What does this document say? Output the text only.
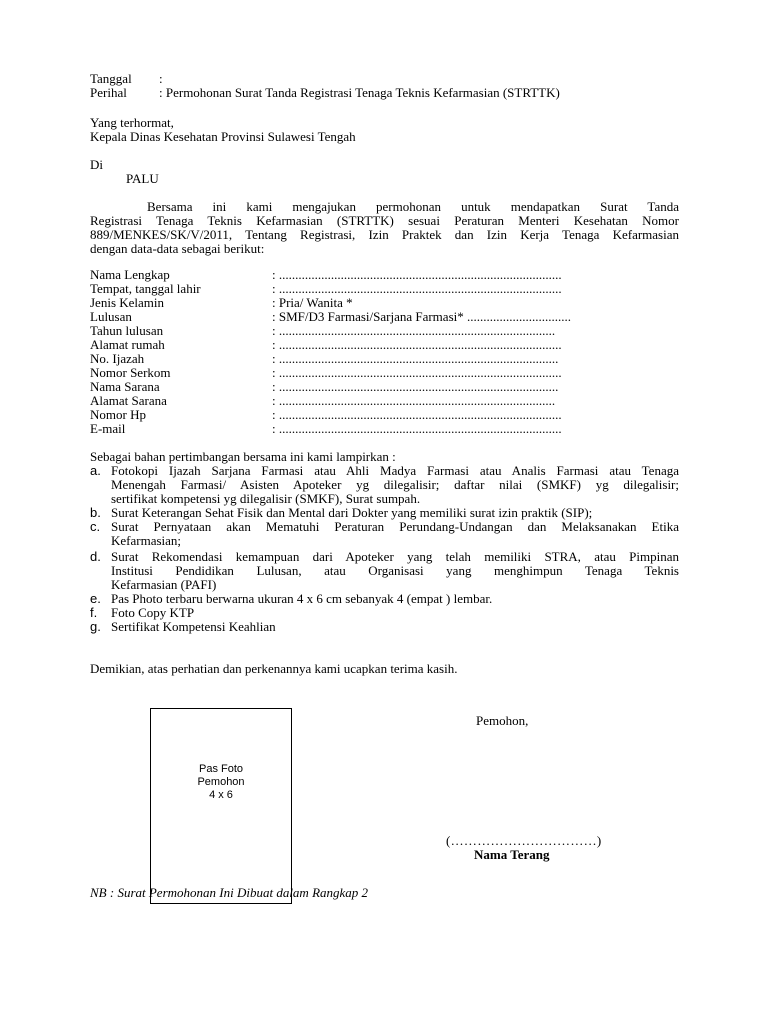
Tanggal :
Perihal : Permohonan Surat Tanda Registrasi Tenaga Teknis Kefarmasian (STRTTK)
Yang terhormat,
Kepala Dinas Kesehatan Provinsi Sulawesi Tengah
Di
PALU
Bersama ini kami mengajukan permohonan untuk mendapatkan Surat Tanda
Registrasi Tenaga Teknis Kefarmasian (STRTTK) sesuai Peraturan Menteri Kesehatan Nomor
889/MENKES/SK/V/2011, Tentang Registrasi, Izin Praktek dan Izin Kerja Tenaga Kefarmasian
dengan data-data sebagai berikut:
Nama Lengkap	: .......................................................................................
Tempat, tanggal lahir	: .......................................................................................
Jenis Kelamin	: Pria/ Wanita *
Lulusan	: SMF/D3 Farmasi/Sarjana Farmasi* ................................
Tahun lulusan	: .....................................................................................
Alamat rumah	: .......................................................................................
No. Ijazah	: ......................................................................................
Nomor Serkom	: .......................................................................................
Nama Sarana	: ......................................................................................
Alamat Sarana	: .....................................................................................
Nomor Hp	: .......................................................................................
E-mail	: .......................................................................................
Sebagai bahan pertimbangan bersama ini kami lampirkan :
a. Fotokopi Ijazah Sarjana Farmasi atau Ahli Madya Farmasi atau Analis Farmasi atau Tenaga
Menengah Farmasi/ Asisten Apoteker yg dilegalisir; daftar nilai (SMKF) yg dilegalisir;
sertifikat kompetensi yg dilegalisir (SMKF), Surat sumpah.
b. Surat Keterangan Sehat Fisik dan Mental dari Dokter yang memiliki surat izin praktik (SIP);
c. Surat Pernyataan akan Mematuhi Peraturan Perundang-Undangan dan Melaksanakan Etika
Kefarmasian;
d. Surat Rekomendasi kemampuan dari Apoteker yang telah memiliki STRA, atau Pimpinan
Institusi Pendidikan Lulusan, atau Organisasi yang menghimpun Tenaga Teknis
Kefarmasian (PAFI)
e. Pas Photo terbaru berwarna ukuran 4 x 6 cm sebanyak 4 (empat ) lembar.
f. Foto Copy KTP
g. Sertifikat Kompetensi Keahlian
Demikian, atas perhatian dan perkenannya kami ucapkan terima kasih.
Pas Foto
Pemohon
4 x 6
Pemohon,
(……………………………)
Nama Terang
NB : Surat Permohonan Ini Dibuat dalam Rangkap 2
